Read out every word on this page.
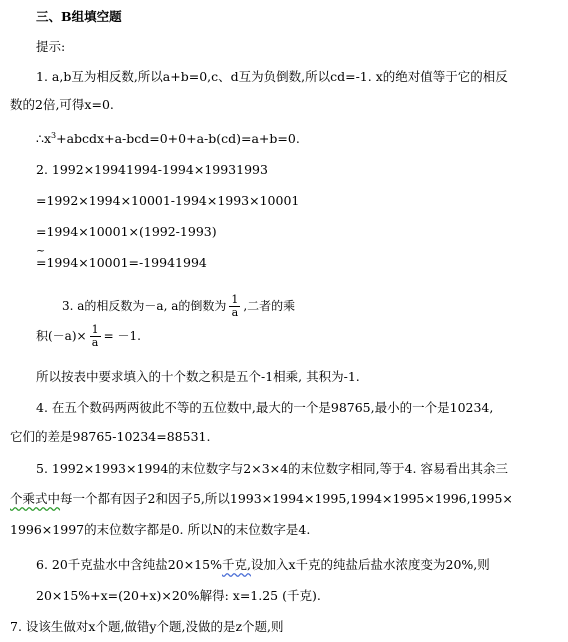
三、B组填空题
提示:
1. a,b互为相反数,所以a+b=0,c、d互为负倒数,所以cd=-1. x的绝对值等于它的相反
数的2倍,可得x=0.
$\therefore x^3+abcdx+a-bcd=0+0+a-b(cd)=a+b=0$.
2. 1992×19941994-1994×19931993
=1992×1994×10001-1994×1993×10001
=1994×10001×(1992-1993)
~
=1994×10001=-19941994
3. a的相反数为－a, a的倒数为 $\frac{1}{a}$ ,二者的乘
积$(-a)\times \frac{1}{a} = -1$.
所以按表中要求填入的十个数之积是五个-1相乘, 其积为-1.
4. 在五个数码两两彼此不等的五位数中,最大的一个是98765,最小的一个是10234,
它们的差是98765-10234=88531.
5. 1992×1993×1994的末位数字与2×3×4的末位数字相同,等于4. 容易看出其余三
个乘式中每一个都有因子2和因子5,所以1993×1994×1995,1994×1995×1996,1995×
1996×1997的末位数字都是0. 所以N的末位数字是4.
6. 20千克盐水中含纯盐20×15%千克,设加入x千克的纯盐后盐水浓度变为20%,则
20×15%+x=(20+x)×20%解得: x=1.25 (千克).
7. 设该生做对x个题,做错y个题,没做的是z个题,则
